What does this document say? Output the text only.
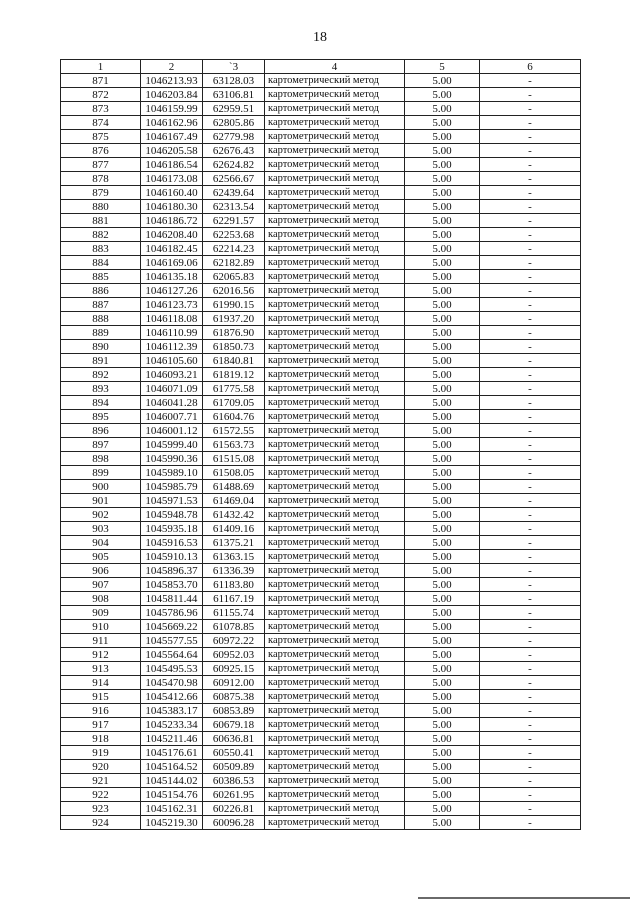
18
1	2	`3	4	5	6
871	1046213.93	63128.03	картометрический метод	5.00	-
872	1046203.84	63106.81	картометрический метод	5.00	-
873	1046159.99	62959.51	картометрический метод	5.00	-
874	1046162.96	62805.86	картометрический метод	5.00	-
875	1046167.49	62779.98	картометрический метод	5.00	-
876	1046205.58	62676.43	картометрический метод	5.00	-
877	1046186.54	62624.82	картометрический метод	5.00	-
878	1046173.08	62566.67	картометрический метод	5.00	-
879	1046160.40	62439.64	картометрический метод	5.00	-
880	1046180.30	62313.54	картометрический метод	5.00	-
881	1046186.72	62291.57	картометрический метод	5.00	-
882	1046208.40	62253.68	картометрический метод	5.00	-
883	1046182.45	62214.23	картометрический метод	5.00	-
884	1046169.06	62182.89	картометрический метод	5.00	-
885	1046135.18	62065.83	картометрический метод	5.00	-
886	1046127.26	62016.56	картометрический метод	5.00	-
887	1046123.73	61990.15	картометрический метод	5.00	-
888	1046118.08	61937.20	картометрический метод	5.00	-
889	1046110.99	61876.90	картометрический метод	5.00	-
890	1046112.39	61850.73	картометрический метод	5.00	-
891	1046105.60	61840.81	картометрический метод	5.00	-
892	1046093.21	61819.12	картометрический метод	5.00	-
893	1046071.09	61775.58	картометрический метод	5.00	-
894	1046041.28	61709.05	картометрический метод	5.00	-
895	1046007.71	61604.76	картометрический метод	5.00	-
896	1046001.12	61572.55	картометрический метод	5.00	-
897	1045999.40	61563.73	картометрический метод	5.00	-
898	1045990.36	61515.08	картометрический метод	5.00	-
899	1045989.10	61508.05	картометрический метод	5.00	-
900	1045985.79	61488.69	картометрический метод	5.00	-
901	1045971.53	61469.04	картометрический метод	5.00	-
902	1045948.78	61432.42	картометрический метод	5.00	-
903	1045935.18	61409.16	картометрический метод	5.00	-
904	1045916.53	61375.21	картометрический метод	5.00	-
905	1045910.13	61363.15	картометрический метод	5.00	-
906	1045896.37	61336.39	картометрический метод	5.00	-
907	1045853.70	61183.80	картометрический метод	5.00	-
908	1045811.44	61167.19	картометрический метод	5.00	-
909	1045786.96	61155.74	картометрический метод	5.00	-
910	1045669.22	61078.85	картометрический метод	5.00	-
911	1045577.55	60972.22	картометрический метод	5.00	-
912	1045564.64	60952.03	картометрический метод	5.00	-
913	1045495.53	60925.15	картометрический метод	5.00	-
914	1045470.98	60912.00	картометрический метод	5.00	-
915	1045412.66	60875.38	картометрический метод	5.00	-
916	1045383.17	60853.89	картометрический метод	5.00	-
917	1045233.34	60679.18	картометрический метод	5.00	-
918	1045211.46	60636.81	картометрический метод	5.00	-
919	1045176.61	60550.41	картометрический метод	5.00	-
920	1045164.52	60509.89	картометрический метод	5.00	-
921	1045144.02	60386.53	картометрический метод	5.00	-
922	1045154.76	60261.95	картометрический метод	5.00	-
923	1045162.31	60226.81	картометрический метод	5.00	-
924	1045219.30	60096.28	картометрический метод	5.00	-
